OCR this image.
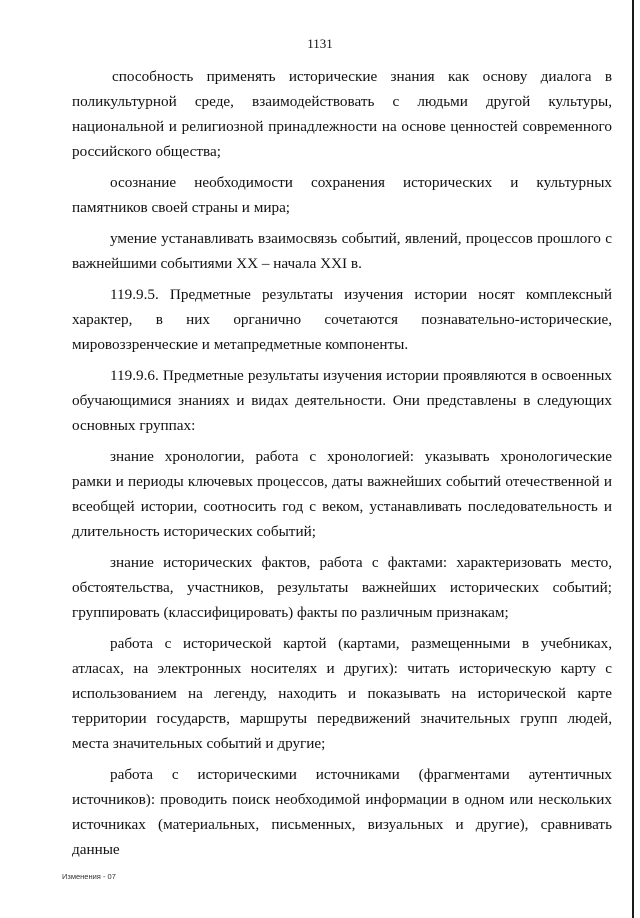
1131

способность применять исторические знания как основу диалога в поликультурной среде, взаимодействовать с людьми другой культуры, национальной и религиозной принадлежности на основе ценностей современного российского общества;

осознание необходимости сохранения исторических и культурных памятников своей страны и мира;

умение устанавливать взаимосвязь событий, явлений, процессов прошлого с важнейшими событиями XX – начала XXI в.

119.9.5. Предметные результаты изучения истории носят комплексный характер, в них органично сочетаются познавательно-исторические, мировоззренческие и метапредметные компоненты.

119.9.6. Предметные результаты изучения истории проявляются в освоенных обучающимися знаниях и видах деятельности. Они представлены в следующих основных группах:

знание хронологии, работа с хронологией: указывать хронологические рамки и периоды ключевых процессов, даты важнейших событий отечественной и всеобщей истории, соотносить год с веком, устанавливать последовательность и длительность исторических событий;

знание исторических фактов, работа с фактами: характеризовать место, обстоятельства, участников, результаты важнейших исторических событий; группировать (классифицировать) факты по различным признакам;

работа с исторической картой (картами, размещенными в учебниках, атласах, на электронных носителях и других): читать историческую карту с использованием на легенду, находить и показывать на исторической карте территории государств, маршруты передвижений значительных групп людей, места значительных событий и другие;

работа с историческими источниками (фрагментами аутентичных источников): проводить поиск необходимой информации в одном или нескольких источниках (материальных, письменных, визуальных и другие), сравнивать данные

Изменения - 07
